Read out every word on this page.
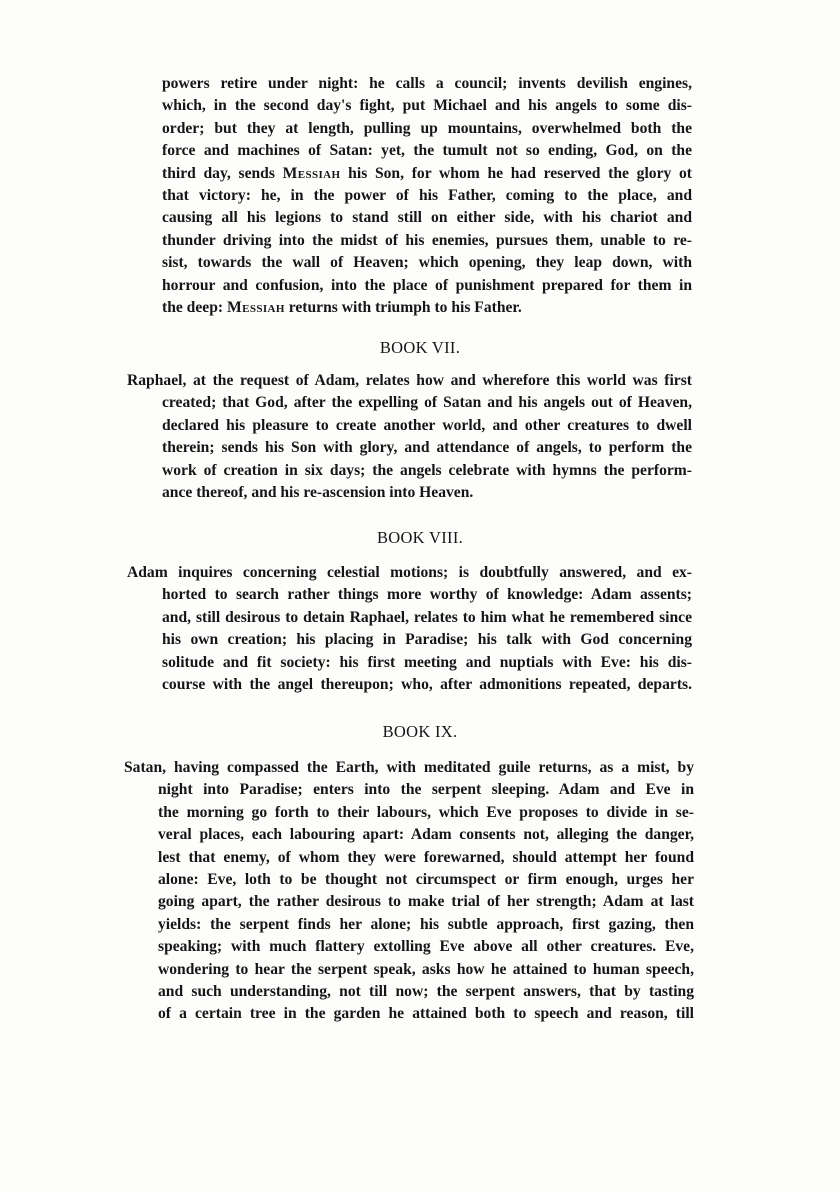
powers retire under night: he calls a council; invents devilish engines,
which, in the second day's fight, put Michael and his angels to some dis-
order; but they at length, pulling up mountains, overwhelmed both the
force and machines of Satan: yet, the tumult not so ending, God, on the
third day, sends Messiah his Son, for whom he had reserved the glory ot
that victory: he, in the power of his Father, coming to the place, and
causing all his legions to stand still on either side, with his chariot and
thunder driving into the midst of his enemies, pursues them, unable to re-
sist, towards the wall of Heaven; which opening, they leap down, with
horrour and confusion, into the place of punishment prepared for them in
the deep: Messiah returns with triumph to his Father.
BOOK VII.
Raphael, at the request of Adam, relates how and wherefore this world was first
created; that God, after the expelling of Satan and his angels out of Heaven,
declared his pleasure to create another world, and other creatures to dwell
therein; sends his Son with glory, and attendance of angels, to perform the
work of creation in six days; the angels celebrate with hymns the perform-
ance thereof, and his re-ascension into Heaven.
BOOK VIII.
Adam inquires concerning celestial motions; is doubtfully answered, and ex-
horted to search rather things more worthy of knowledge: Adam assents;
and, still desirous to detain Raphael, relates to him what he remembered since
his own creation; his placing in Paradise; his talk with God concerning
solitude and fit society: his first meeting and nuptials with Eve: his dis-
course with the angel thereupon; who, after admonitions repeated, departs.
BOOK IX.
Satan, having compassed the Earth, with meditated guile returns, as a mist, by
night into Paradise; enters into the serpent sleeping. Adam and Eve in
the morning go forth to their labours, which Eve proposes to divide in se-
veral places, each labouring apart: Adam consents not, alleging the danger,
lest that enemy, of whom they were forewarned, should attempt her found
alone: Eve, loth to be thought not circumspect or firm enough, urges her
going apart, the rather desirous to make trial of her strength; Adam at last
yields: the serpent finds her alone; his subtle approach, first gazing, then
speaking; with much flattery extolling Eve above all other creatures. Eve,
wondering to hear the serpent speak, asks how he attained to human speech,
and such understanding, not till now; the serpent answers, that by tasting
of a certain tree in the garden he attained both to speech and reason, till
